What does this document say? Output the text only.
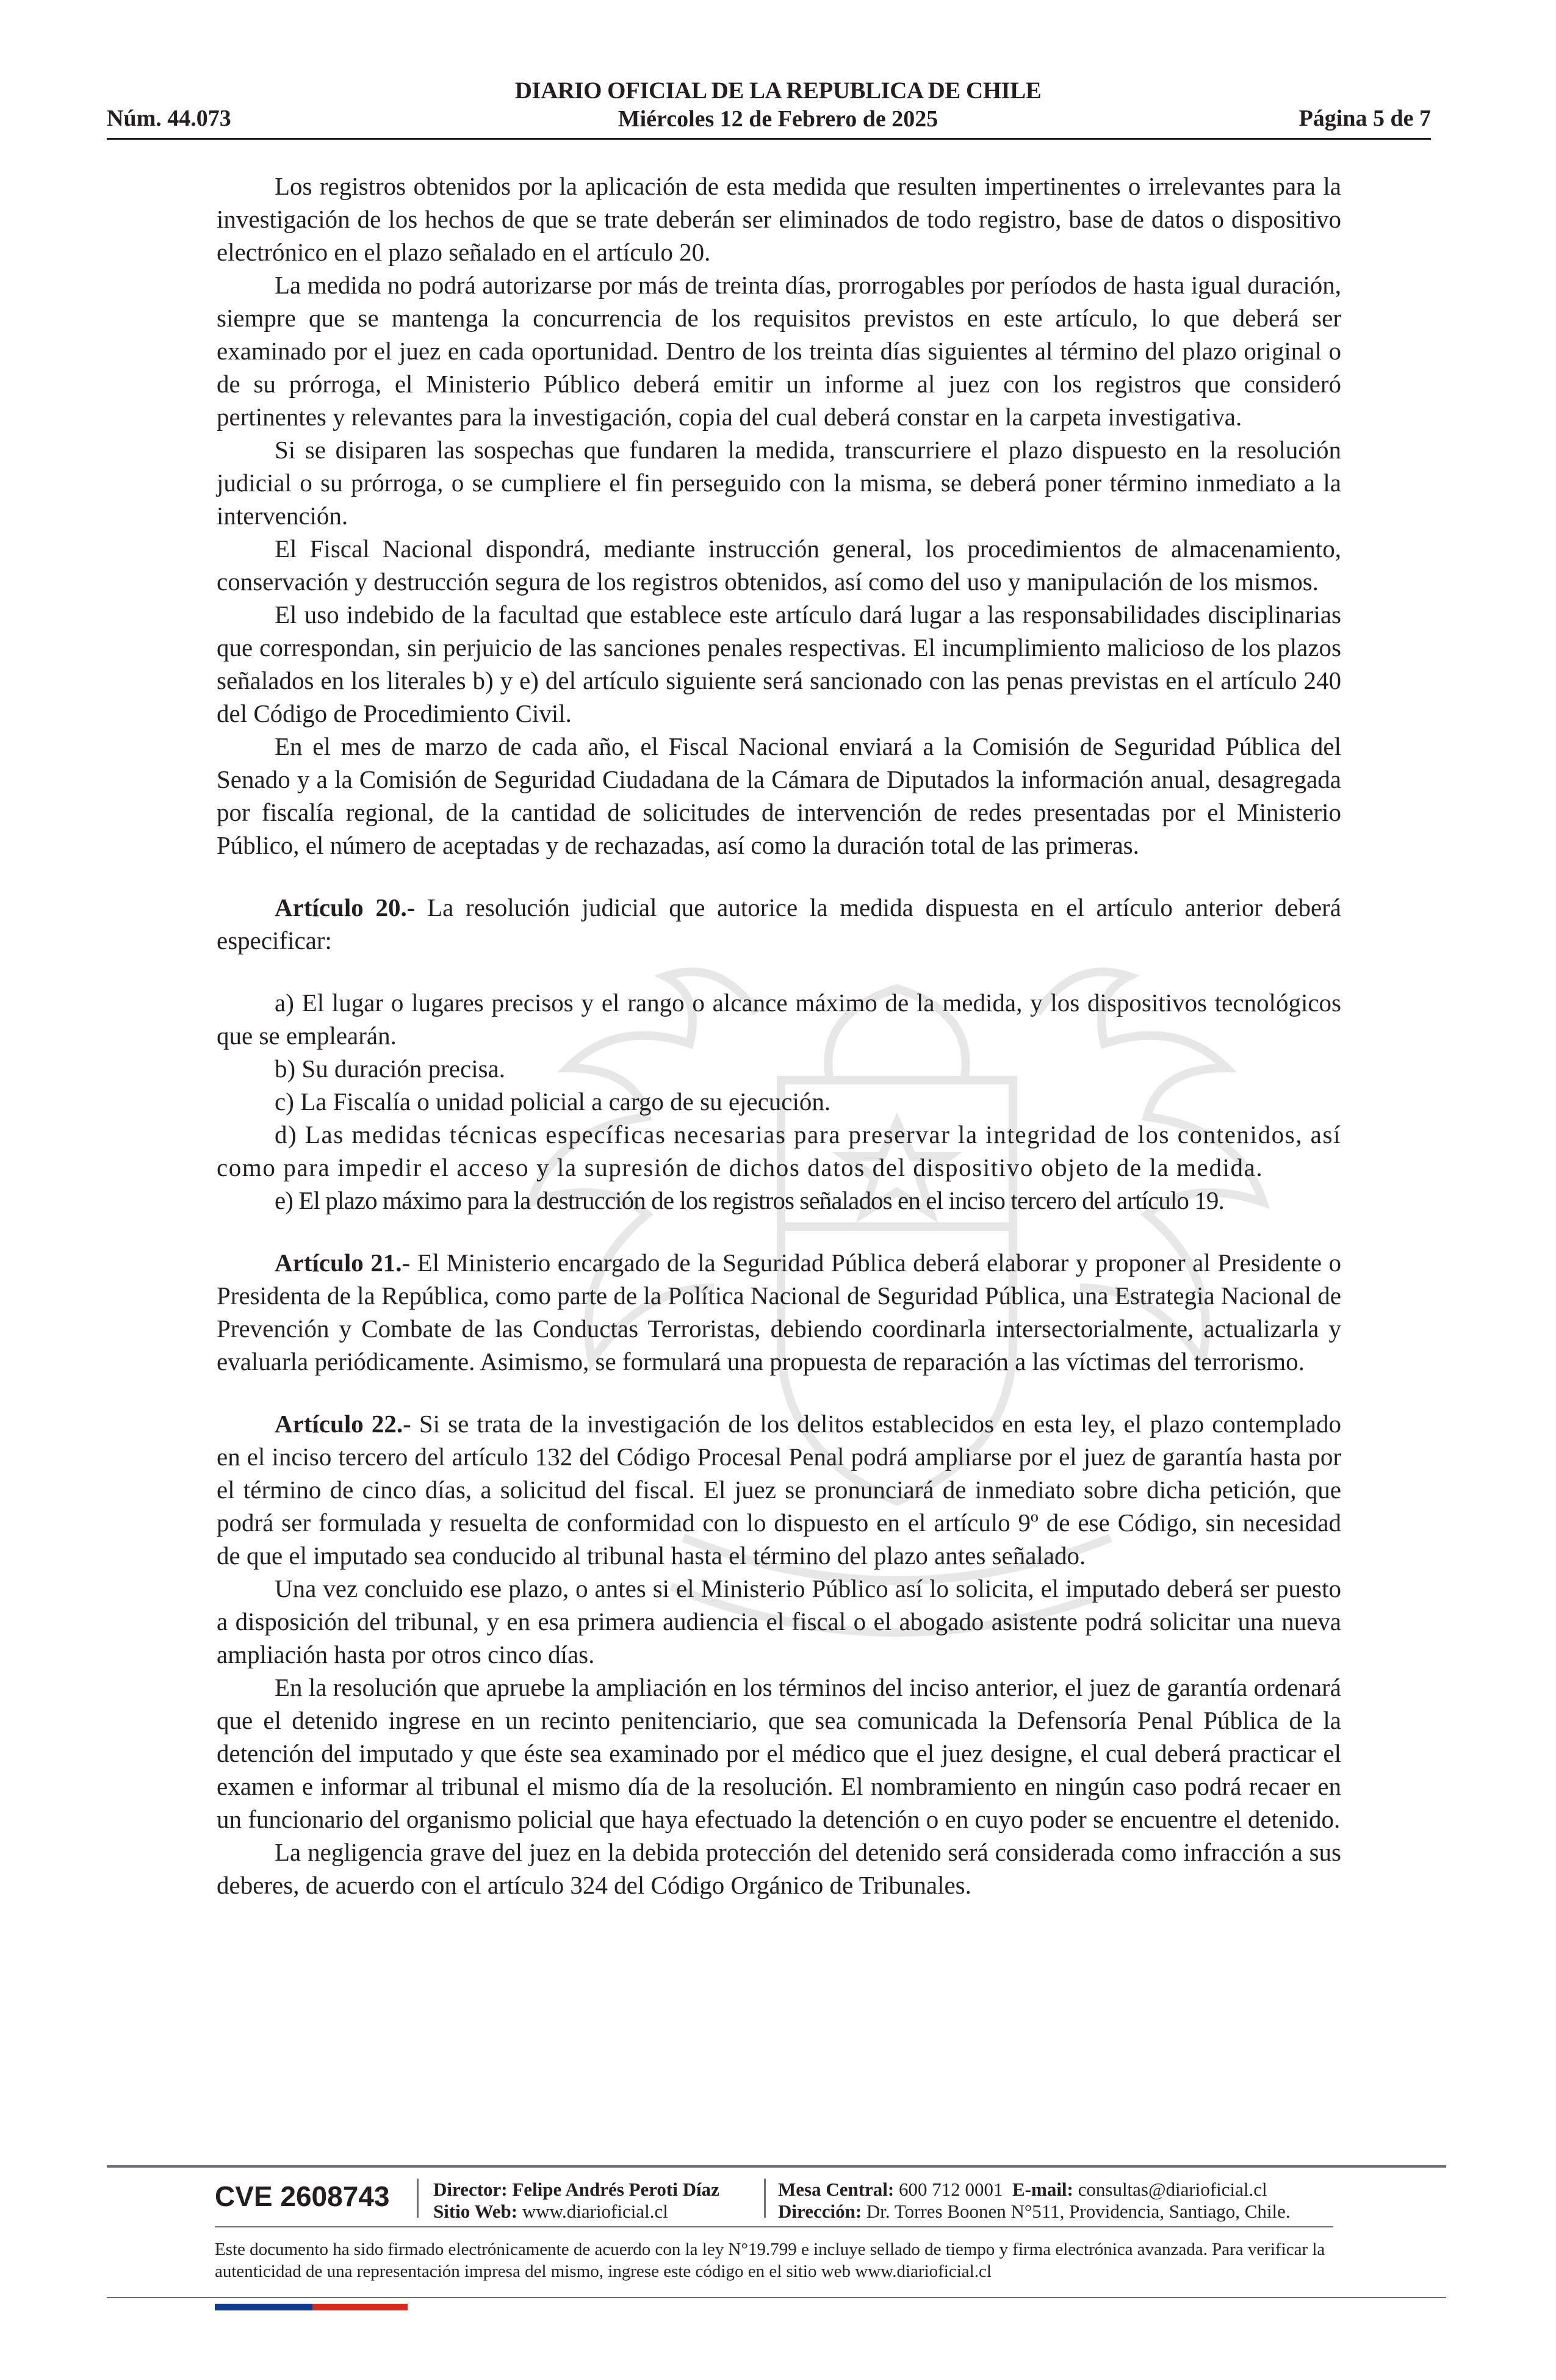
Núm. 44.073
DIARIO OFICIAL DE LA REPUBLICA DE CHILE
Miércoles 12 de Febrero de 2025	Página 5 de 7

Los registros obtenidos por la aplicación de esta medida que resulten impertinentes o irrelevantes para la investigación de los hechos de que se trate deberán ser eliminados de todo registro, base de datos o dispositivo electrónico en el plazo señalado en el artículo 20.

La medida no podrá autorizarse por más de treinta días, prorrogables por períodos de hasta igual duración, siempre que se mantenga la concurrencia de los requisitos previstos en este artículo, lo que deberá ser examinado por el juez en cada oportunidad. Dentro de los treinta días siguientes al término del plazo original o de su prórroga, el Ministerio Público deberá emitir un informe al juez con los registros que consideró pertinentes y relevantes para la investigación, copia del cual deberá constar en la carpeta investigativa.

Si se disiparen las sospechas que fundaren la medida, transcurriere el plazo dispuesto en la resolución judicial o su prórroga, o se cumpliere el fin perseguido con la misma, se deberá poner término inmediato a la intervención.

El Fiscal Nacional dispondrá, mediante instrucción general, los procedimientos de almacenamiento, conservación y destrucción segura de los registros obtenidos, así como del uso y manipulación de los mismos.

El uso indebido de la facultad que establece este artículo dará lugar a las responsabilidades disciplinarias que correspondan, sin perjuicio de las sanciones penales respectivas. El incumplimiento malicioso de los plazos señalados en los literales b) y e) del artículo siguiente será sancionado con las penas previstas en el artículo 240 del Código de Procedimiento Civil.

En el mes de marzo de cada año, el Fiscal Nacional enviará a la Comisión de Seguridad Pública del Senado y a la Comisión de Seguridad Ciudadana de la Cámara de Diputados la información anual, desagregada por fiscalía regional, de la cantidad de solicitudes de intervención de redes presentadas por el Ministerio Público, el número de aceptadas y de rechazadas, así como la duración total de las primeras.

Artículo 20.- La resolución judicial que autorice la medida dispuesta en el artículo anterior deberá especificar:

a) El lugar o lugares precisos y el rango o alcance máximo de la medida, y los dispositivos tecnológicos que se emplearán.

b) Su duración precisa.

c) La Fiscalía o unidad policial a cargo de su ejecución.

d) Las medidas técnicas específicas necesarias para preservar la integridad de los contenidos, así como para impedir el acceso y la supresión de dichos datos del dispositivo objeto de la medida.

e) El plazo máximo para la destrucción de los registros señalados en el inciso tercero del artículo 19.

Artículo 21.- El Ministerio encargado de la Seguridad Pública deberá elaborar y proponer al Presidente o Presidenta de la República, como parte de la Política Nacional de Seguridad Pública, una Estrategia Nacional de Prevención y Combate de las Conductas Terroristas, debiendo coordinarla intersectorialmente, actualizarla y evaluarla periódicamente. Asimismo, se formulará una propuesta de reparación a las víctimas del terrorismo.

Artículo 22.- Si se trata de la investigación de los delitos establecidos en esta ley, el plazo contemplado en el inciso tercero del artículo 132 del Código Procesal Penal podrá ampliarse por el juez de garantía hasta por el término de cinco días, a solicitud del fiscal. El juez se pronunciará de inmediato sobre dicha petición, que podrá ser formulada y resuelta de conformidad con lo dispuesto en el artículo 9º de ese Código, sin necesidad de que el imputado sea conducido al tribunal hasta el término del plazo antes señalado.

Una vez concluido ese plazo, o antes si el Ministerio Público así lo solicita, el imputado deberá ser puesto a disposición del tribunal, y en esa primera audiencia el fiscal o el abogado asistente podrá solicitar una nueva ampliación hasta por otros cinco días.

En la resolución que apruebe la ampliación en los términos del inciso anterior, el juez de garantía ordenará que el detenido ingrese en un recinto penitenciario, que sea comunicada la Defensoría Penal Pública de la detención del imputado y que éste sea examinado por el médico que el juez designe, el cual deberá practicar el examen e informar al tribunal el mismo día de la resolución. El nombramiento en ningún caso podrá recaer en un funcionario del organismo policial que haya efectuado la detención o en cuyo poder se encuentre el detenido.

La negligencia grave del juez en la debida protección del detenido será considerada como infracción a sus deberes, de acuerdo con el artículo 324 del Código Orgánico de Tribunales.

CVE 2608743 Director: Felipe Andrés Peroti Díaz
Sitio Web: www.diarioficial.cl
Mesa Central: 600 712 0001 E-mail: consultas@diarioficial.cl
Dirección: Dr. Torres Boonen N°511, Providencia, Santiago, Chile.
Este documento ha sido firmado electrónicamente de acuerdo con la ley N°19.799 e incluye sellado de tiempo y firma electrónica avanzada. Para verificar la autenticidad de una representación impresa del mismo, ingrese este código en el sitio web www.diarioficial.cl
